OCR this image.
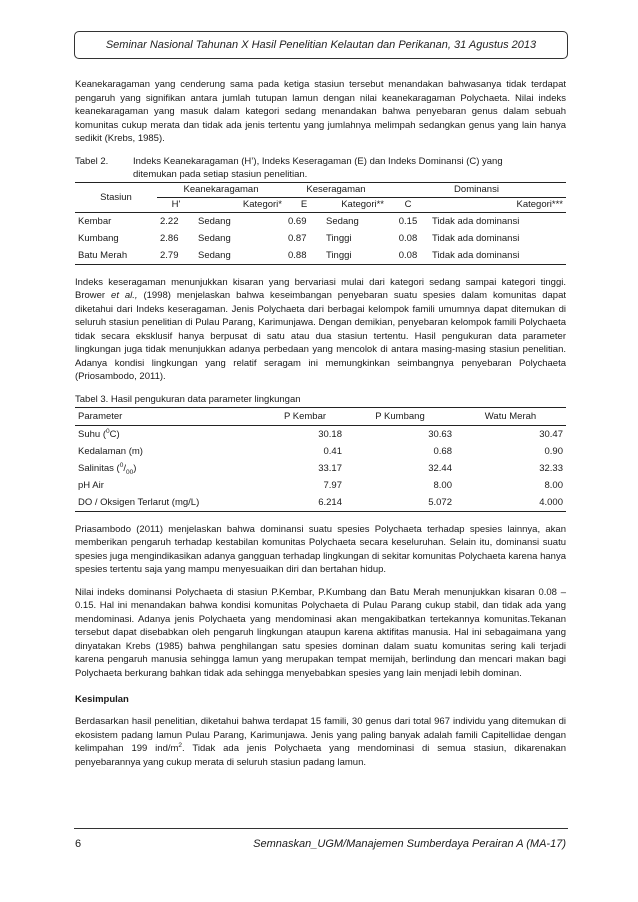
Seminar Nasional Tahunan X Hasil Penelitian Kelautan dan Perikanan, 31 Agustus 2013

Keanekaragaman yang cenderung sama pada ketiga stasiun tersebut menandakan bahwasanya tidak terdapat pengaruh yang signifikan antara jumlah tutupan lamun dengan nilai keanekaragaman Polychaeta. Nilai indeks keanekaragaman yang masuk dalam kategori sedang menandakan bahwa penyebaran genus dalam sebuah komunitas cukup merata dan tidak ada jenis tertentu yang jumlahnya melimpah sedangkan genus yang lain hanya sedikit (Krebs, 1985).

Tabel 2.	Indeks Keanekaragaman (H’), Indeks Keseragaman (E) dan Indeks Dominansi (C) yang

ditemukan pada setiap stasiun penelitian.

Stasiun	Keanekaragaman		Keseragaman		Dominansi	
	H'	Kategori*	E	Kategori**	C	Kategori***
Kembar	2.22	Sedang	0.69	Sedang	0.15	Tidak ada dominansi
Kumbang	2.86	Sedang	0.87	Tinggi	0.08	Tidak ada dominansi
Batu Merah	2.79	Sedang	0.88	Tinggi	0.08	Tidak ada dominansi

Indeks keseragaman menunjukkan kisaran yang bervariasi mulai dari kategori sedang sampai kategori tinggi. Brower et al., (1998) menjelaskan bahwa keseimbangan penyebaran suatu spesies dalam komunitas dapat diketahui dari Indeks keseragaman. Jenis Polychaeta dari berbagai kelompok famili umumnya dapat ditemukan di seluruh stasiun penelitian di Pulau Parang, Karimunjawa. Dengan demikian, penyebaran kelompok famili Polychaeta tidak secara eksklusif hanya berpusat di satu atau dua stasiun tertentu. Hasil pengukuran data parameter lingkungan juga tidak menunjukkan adanya perbedaan yang mencolok di antara masing-masing stasiun penelitian. Adanya kondisi lingkungan yang relatif seragam ini memungkinkan seimbangnya penyebaran Polychaeta (Priosambodo, 2011).

Tabel 3. Hasil pengukuran data parameter lingkungan

Parameter	P Kembar	P Kumbang	Watu Merah
Suhu ($^0$C)	30.18	30.63	30.47
Kedalaman (m)	0.41	0.68	0.90
Salinitas $(^0/_{00})$	33.17	32.44	32.33
pH Air	7.97	8.00	8.00
DO / Oksigen Terlarut (mg/L)	6.214	5.072	4.000

Priasambodo (2011) menjelaskan bahwa dominansi suatu spesies Polychaeta terhadap spesies lainnya, akan memberikan pengaruh terhadap kestabilan komunitas Polychaeta secara keseluruhan. Selain itu, dominansi suatu spesies juga mengindikasikan adanya gangguan terhadap lingkungan di sekitar komunitas Polychaeta karena hanya spesies tertentu saja yang mampu menyesuaikan diri dan bertahan hidup.

Nilai indeks dominansi Polychaeta di stasiun P.Kembar, P.Kumbang dan Batu Merah menunjukkan kisaran 0.08 – 0.15. Hal ini menandakan bahwa kondisi komunitas Polychaeta di Pulau Parang cukup stabil, dan tidak ada yang mendominasi. Adanya jenis Polychaeta yang mendominasi akan mengakibatkan tertekannya komunitas.Tekanan tersebut dapat disebabkan oleh pengaruh lingkungan ataupun karena aktifitas manusia. Hal ini sebagaimana yang dinyatakan Krebs (1985) bahwa penghilangan satu spesies dominan dalam suatu komunitas sering kali terjadi karena pengaruh manusia sehingga lamun yang merupakan tempat memijah, berlindung dan mencari makan bagi Polychaeta berkurang bahkan tidak ada sehingga menyebabkan spesies yang lain menjadi lebih dominan.

Kesimpulan

Berdasarkan hasil penelitian, diketahui bahwa terdapat 15 famili, 30 genus dari total 967 individu yang ditemukan di ekosistem padang lamun Pulau Parang, Karimunjawa. Jenis yang paling banyak adalah famili Capitellidae dengan kelimpahan 199 ind/$m^2$. Tidak ada jenis Polychaeta yang mendominasi di semua stasiun, dikarenakan penyebarannya yang cukup merata di seluruh stasiun padang lamun.

6	Semnaskan_UGM/Manajemen Sumberdaya Perairan A (MA-17)
